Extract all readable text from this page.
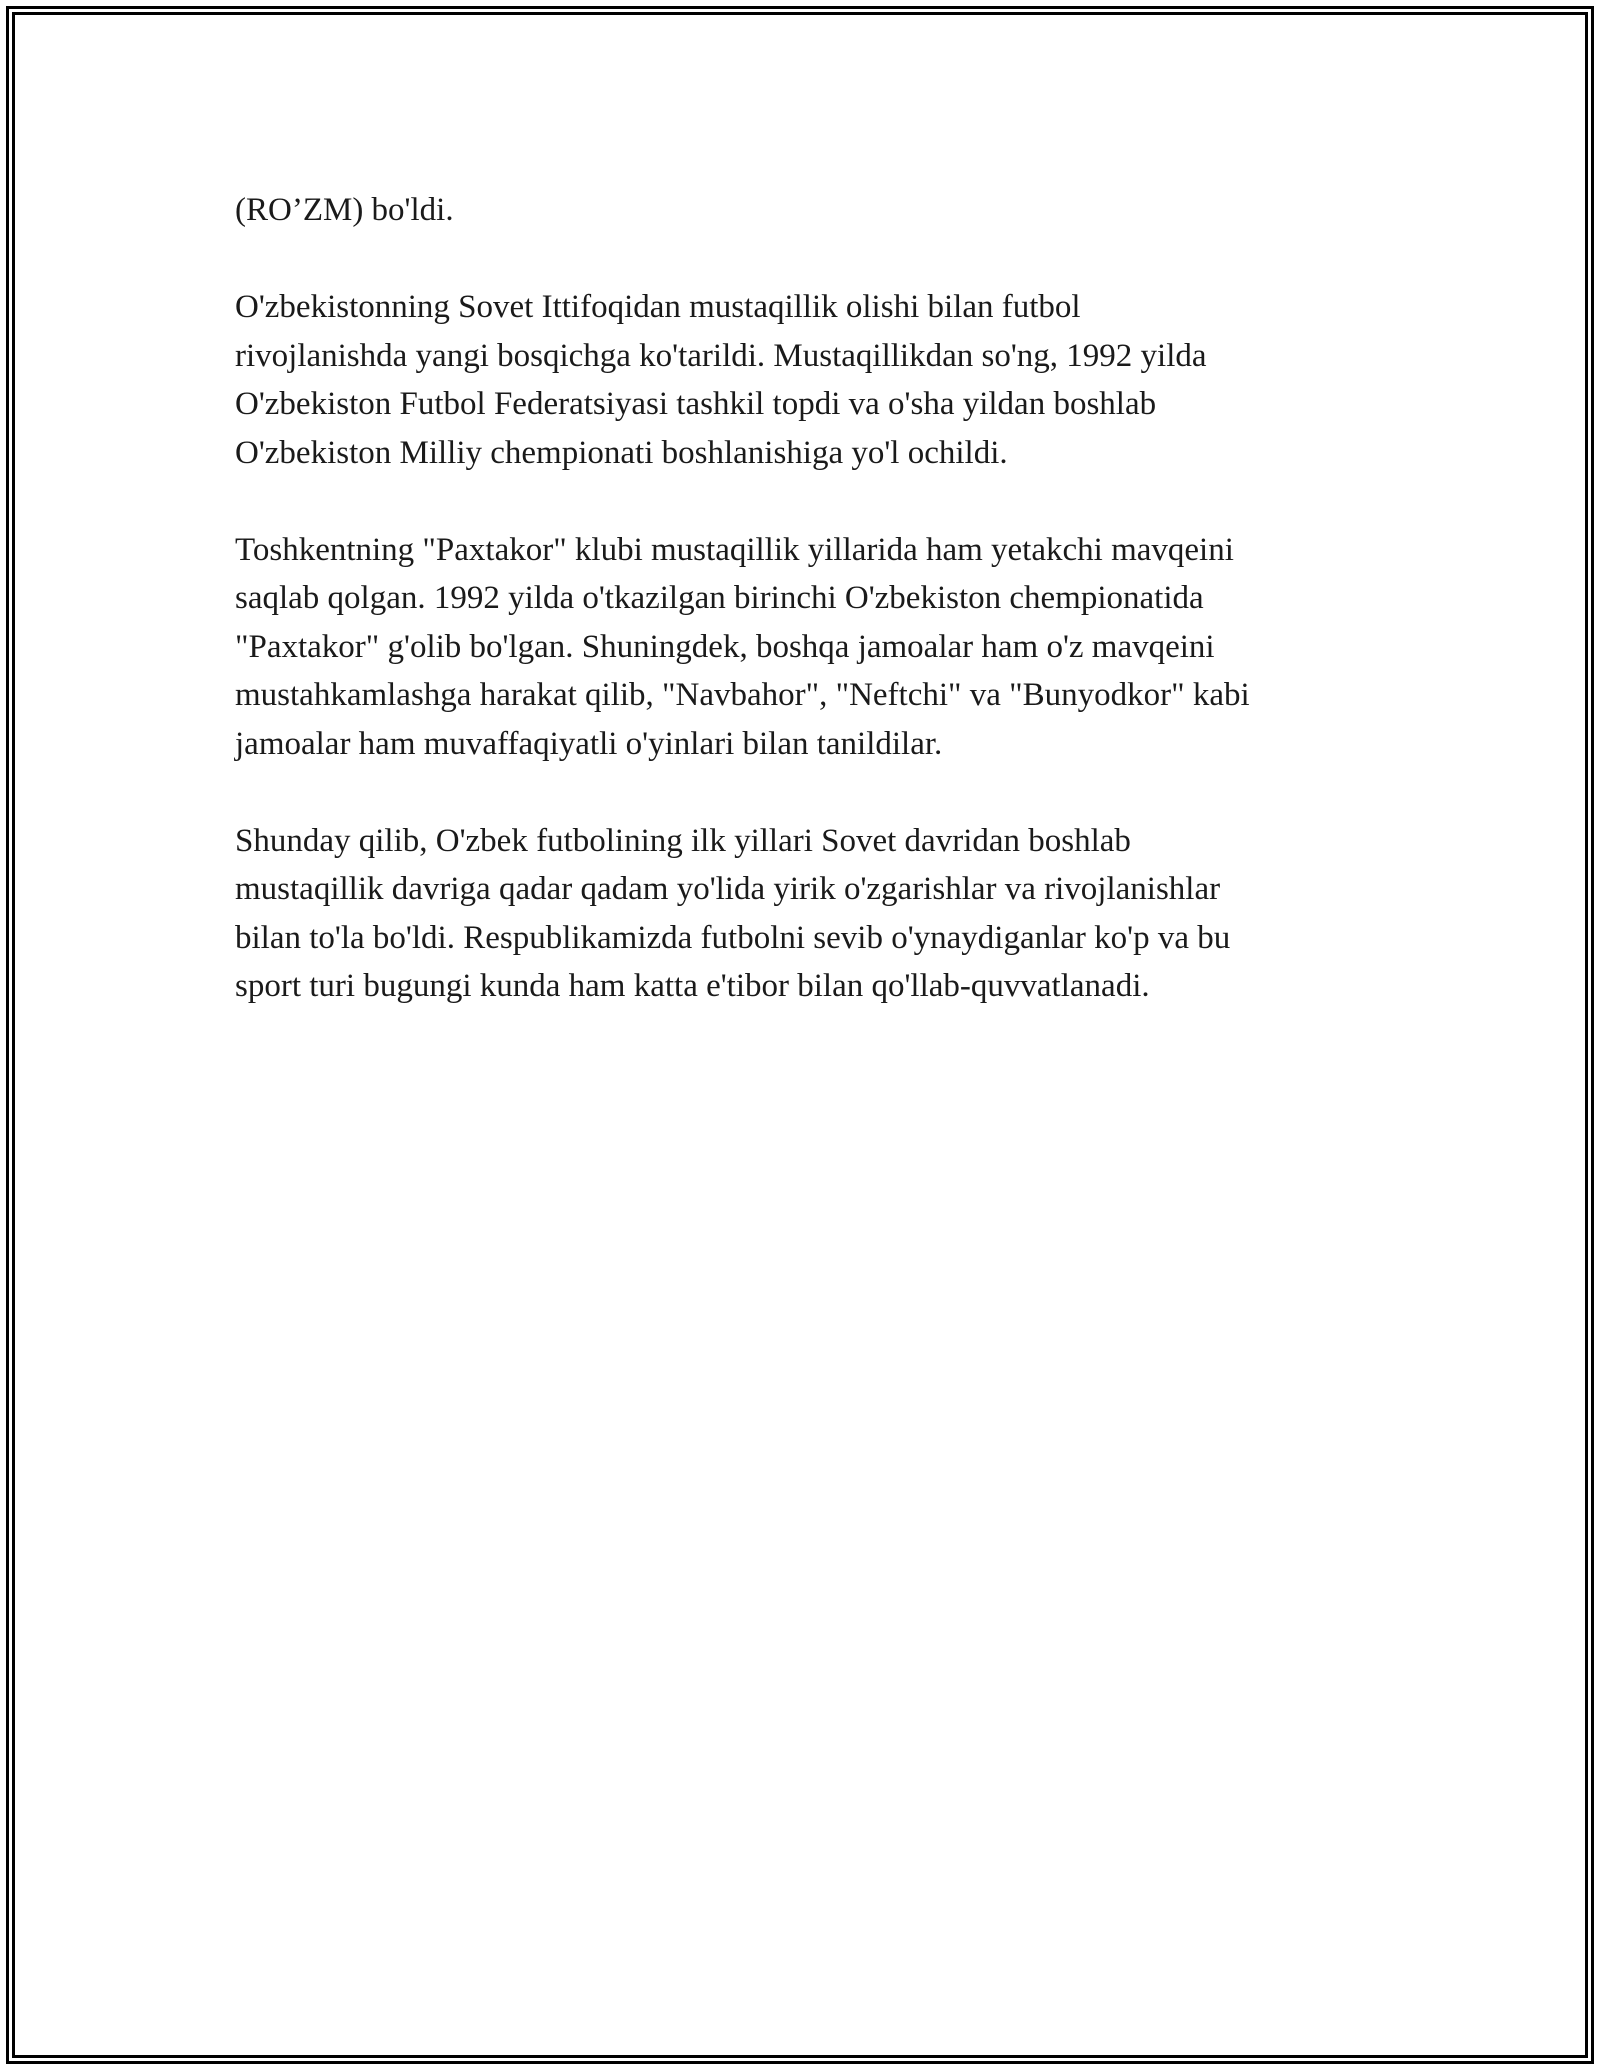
(RO’ZM) bo'ldi.

O'zbekistonning Sovet Ittifoqidan mustaqillik olishi bilan futbol
rivojlanishda yangi bosqichga ko'tarildi. Mustaqillikdan so'ng, 1992 yilda
O'zbekiston Futbol Federatsiyasi tashkil topdi va o'sha yildan boshlab
O'zbekiston Milliy chempionati boshlanishiga yo'l ochildi.

Toshkentning "Paxtakor" klubi mustaqillik yillarida ham yetakchi mavqeini
saqlab qolgan. 1992 yilda o'tkazilgan birinchi O'zbekiston chempionatida
"Paxtakor" g'olib bo'lgan. Shuningdek, boshqa jamoalar ham o'z mavqeini
mustahkamlashga harakat qilib, "Navbahor", "Neftchi" va "Bunyodkor" kabi
jamoalar ham muvaffaqiyatli o'yinlari bilan tanildilar.

Shunday qilib, O'zbek futbolining ilk yillari Sovet davridan boshlab
mustaqillik davriga qadar qadam yo'lida yirik o'zgarishlar va rivojlanishlar
bilan to'la bo'ldi. Respublikamizda futbolni sevib o'ynaydiganlar ko'p va bu
sport turi bugungi kunda ham katta e'tibor bilan qo'llab-quvvatlanadi.
